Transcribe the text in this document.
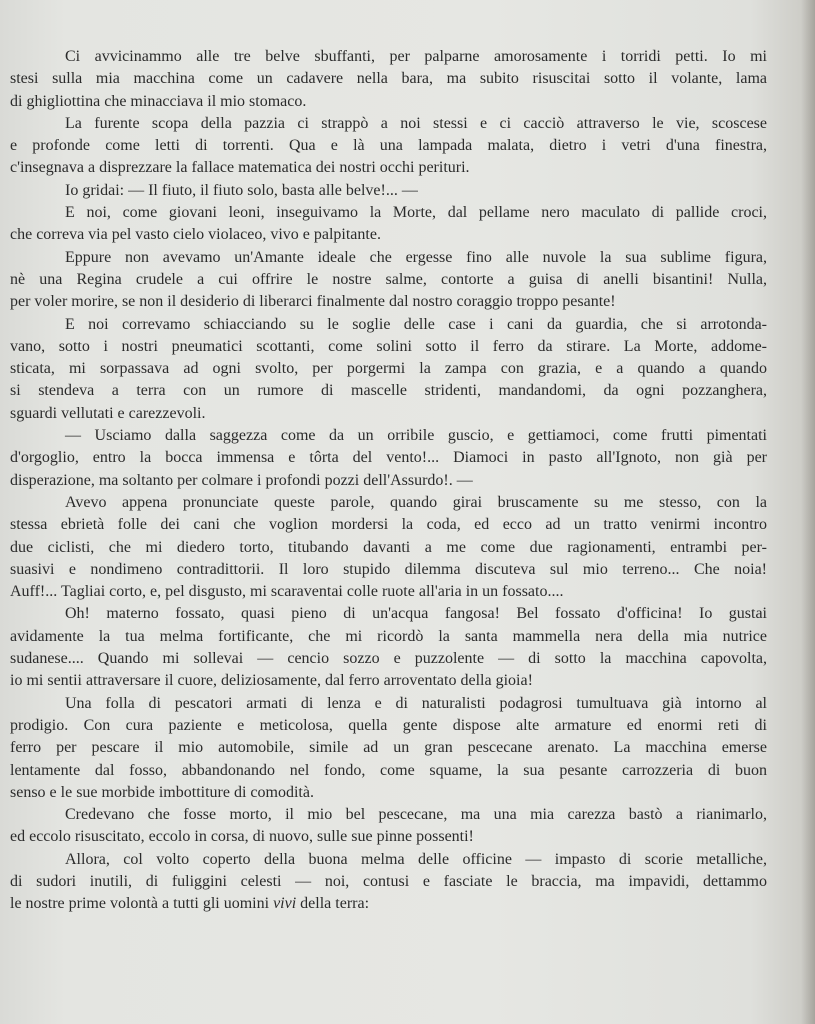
Ci avvicinammo alle tre belve sbuffanti, per palparne amorosamente i torridi petti. Io mi
stesi sulla mia macchina come un cadavere nella bara, ma subito risuscitai sotto il volante, lama
di ghigliottina che minacciava il mio stomaco.
La furente scopa della pazzia ci strappò a noi stessi e ci cacciò attraverso le vie, scoscese
e profonde come letti di torrenti. Qua e là una lampada malata, dietro i vetri d'una finestra,
c'insegnava a disprezzare la fallace matematica dei nostri occhi perituri.
Io gridai: — Il fiuto, il fiuto solo, basta alle belve!... —
E noi, come giovani leoni, inseguivamo la Morte, dal pellame nero maculato di pallide croci,
che correva via pel vasto cielo violaceo, vivo e palpitante.
Eppure non avevamo un'Amante ideale che ergesse fino alle nuvole la sua sublime figura,
nè una Regina crudele a cui offrire le nostre salme, contorte a guisa di anelli bisantini! Nulla,
per voler morire, se non il desiderio di liberarci finalmente dal nostro coraggio troppo pesante!
E noi correvamo schiacciando su le soglie delle case i cani da guardia, che si arrotonda-
vano, sotto i nostri pneumatici scottanti, come solini sotto il ferro da stirare. La Morte, addome-
sticata, mi sorpassava ad ogni svolto, per porgermi la zampa con grazia, e a quando a quando
si stendeva a terra con un rumore di mascelle stridenti, mandandomi, da ogni pozzanghera,
sguardi vellutati e carezzevoli.
— Usciamo dalla saggezza come da un orribile guscio, e gettiamoci, come frutti pimentati
d'orgoglio, entro la bocca immensa e tôrta del vento!... Diamoci in pasto all'Ignoto, non già per
disperazione, ma soltanto per colmare i profondi pozzi dell'Assurdo!. —
Avevo appena pronunciate queste parole, quando girai bruscamente su me stesso, con la
stessa ebrietà folle dei cani che voglion mordersi la coda, ed ecco ad un tratto venirmi incontro
due ciclisti, che mi diedero torto, titubando davanti a me come due ragionamenti, entrambi per-
suasivi e nondimeno contradittorii. Il loro stupido dilemma discuteva sul mio terreno... Che noia!
Auff!... Tagliai corto, e, pel disgusto, mi scaraventai colle ruote all'aria in un fossato....
Oh! materno fossato, quasi pieno di un'acqua fangosa! Bel fossato d'officina! Io gustai
avidamente la tua melma fortificante, che mi ricordò la santa mammella nera della mia nutrice
sudanese.... Quando mi sollevai — cencio sozzo e puzzolente — di sotto la macchina capovolta,
io mi sentii attraversare il cuore, deliziosamente, dal ferro arroventato della gioia!
Una folla di pescatori armati di lenza e di naturalisti podagrosi tumultuava già intorno al
prodigio. Con cura paziente e meticolosa, quella gente dispose alte armature ed enormi reti di
ferro per pescare il mio automobile, simile ad un gran pescecane arenato. La macchina emerse
lentamente dal fosso, abbandonando nel fondo, come squame, la sua pesante carrozzeria di buon
senso e le sue morbide imbottiture di comodità.
Credevano che fosse morto, il mio bel pescecane, ma una mia carezza bastò a rianimarlo,
ed eccolo risuscitato, eccolo in corsa, di nuovo, sulle sue pinne possenti!
Allora, col volto coperto della buona melma delle officine — impasto di scorie metalliche,
di sudori inutili, di fuliggini celesti — noi, contusi e fasciate le braccia, ma impavidi, dettammo
le nostre prime volontà a tutti gli uomini vivi della terra:
